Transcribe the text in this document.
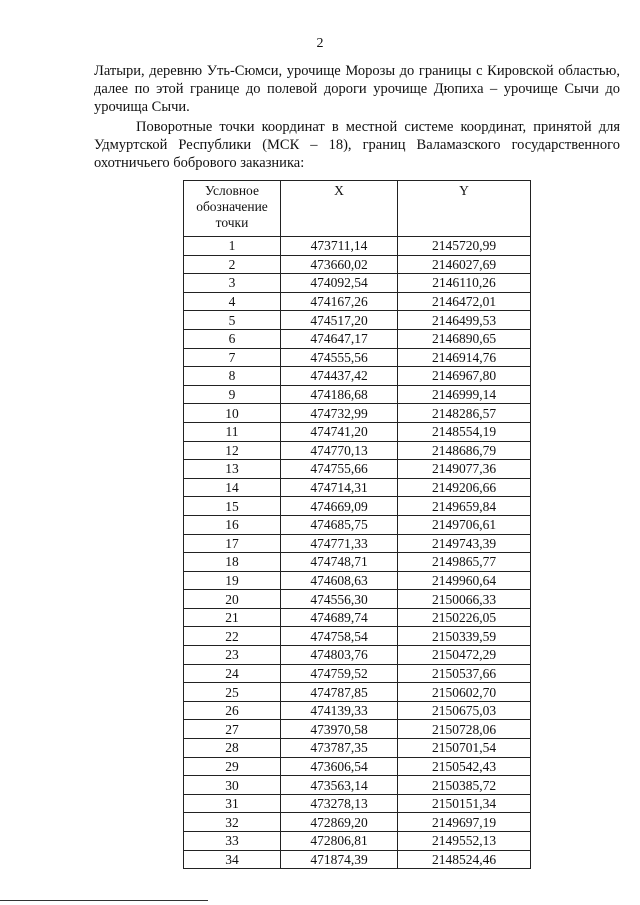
2

Латыри, деревню Уть-Сюмси, урочище Морозы до границы с Кировской областью, далее по этой границе до полевой дороги урочище Дюпиха – урочище Сычи до урочища Сычи.

Поворотные точки координат в местной системе координат, принятой для Удмуртской Республики (МСК – 18), границ Валамазского государственного охотничьего бобрового заказника:

Условное обозначение точки	X	Y
1	473711,14	2145720,99
2	473660,02	2146027,69
3	474092,54	2146110,26
4	474167,26	2146472,01
5	474517,20	2146499,53
6	474647,17	2146890,65
7	474555,56	2146914,76
8	474437,42	2146967,80
9	474186,68	2146999,14
10	474732,99	2148286,57
11	474741,20	2148554,19
12	474770,13	2148686,79
13	474755,66	2149077,36
14	474714,31	2149206,66
15	474669,09	2149659,84
16	474685,75	2149706,61
17	474771,33	2149743,39
18	474748,71	2149865,77
19	474608,63	2149960,64
20	474556,30	2150066,33
21	474689,74	2150226,05
22	474758,54	2150339,59
23	474803,76	2150472,29
24	474759,52	2150537,66
25	474787,85	2150602,70
26	474139,33	2150675,03
27	473970,58	2150728,06
28	473787,35	2150701,54
29	473606,54	2150542,43
30	473563,14	2150385,72
31	473278,13	2150151,34
32	472869,20	2149697,19
33	472806,81	2149552,13
34	471874,39	2148524,46
